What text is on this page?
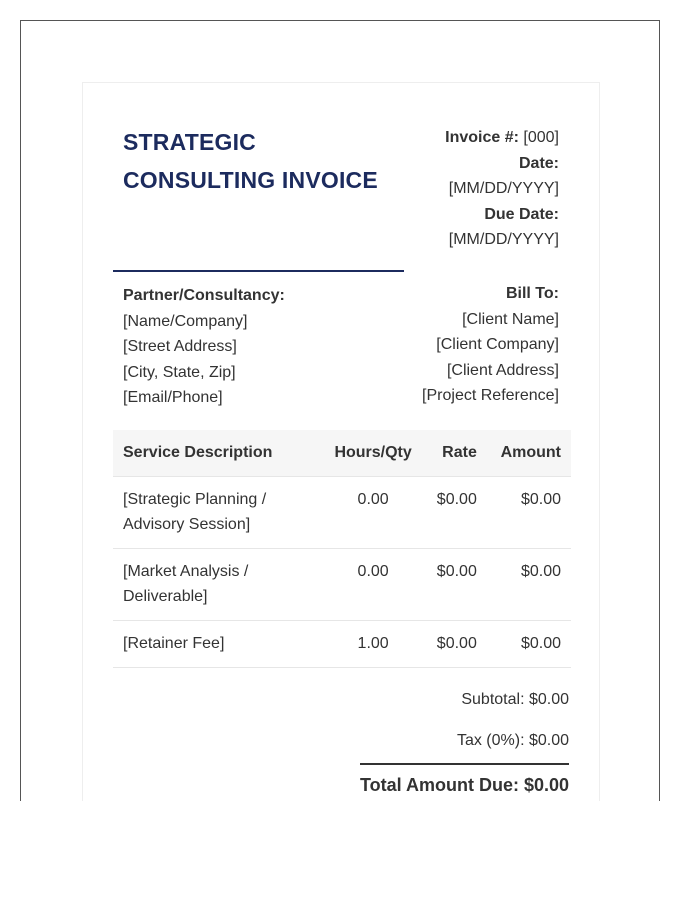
STRATEGIC
CONSULTING INVOICE
Invoice #: [000]
Date:
[MM/DD/YYYY]
Due Date:
[MM/DD/YYYY]
Partner/Consultancy:
[Name/Company]
[Street Address]
[City, State, Zip]
[Email/Phone]
Bill To:
[Client Name]
[Client Company]
[Client Address]
[Project Reference]
Service Description	Hours/Qty	Rate	Amount
[Strategic Planning / Advisory Session]	0.00	$0.00	$0.00
[Market Analysis / Deliverable]	0.00	$0.00	$0.00
[Retainer Fee]	1.00	$0.00	$0.00
Subtotal: $0.00
Tax (0%): $0.00
Total Amount Due: $0.00
